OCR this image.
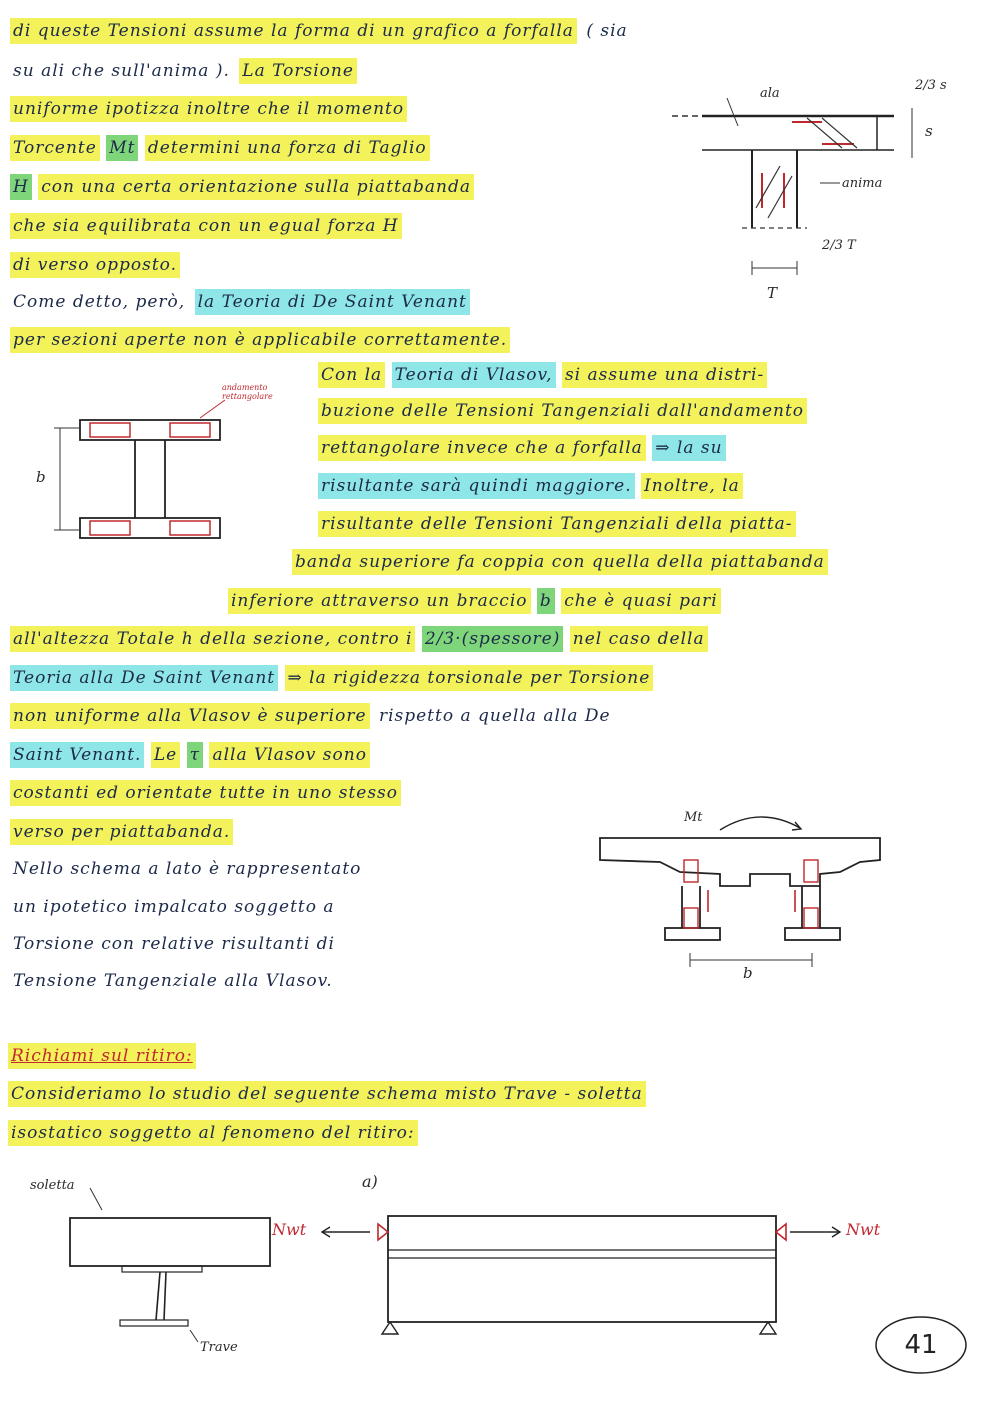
di queste Tensioni assume la forma di un grafico a forfalla ( sia
su ali che sull'anima ). La Torsione
uniforme ipotizza inoltre che il momento
Torcente Mt determini una forza di Taglio
H con una certa orientazione sulla piattabanda
che sia equilibrata con un egual forza H
di verso opposto.
Come detto, però, la Teoria di De Saint Venant
per sezioni aperte non è applicabile correttamente.
Con la Teoria di Vlasov, si assume una distri-
buzione delle Tensioni Tangenziali dall'andamento
rettangolare invece che a forfalla ⇒ la su
risultante sarà quindi maggiore. Inoltre, la
risultante delle Tensioni Tangenziali della piatta-
banda superiore fa coppia con quella della piattabanda
inferiore attraverso un braccio b che è quasi pari
all'altezza Totale h della sezione, contro i 2/3·(spessore) nel caso della
Teoria alla De Saint Venant ⇒ la rigidezza torsionale per Torsione
non uniforme alla Vlasov è superiore rispetto a quella alla De
Saint Venant. Le τ alla Vlasov sono
costanti ed orientate tutte in uno stesso
verso per piattabanda.
Nello schema a lato è rappresentato
un ipotetico impalcato soggetto a
Torsione con relative risultanti di
Tensione Tangenziale alla Vlasov.
Richiami sul ritiro:
Consideriamo lo studio del seguente schema misto Trave - soletta
isostatico soggetto al fenomeno del ritiro:
ala
anima
2/3 s
s
2/3 T
T
andamento rettangolare
b
Mt
b
soletta
Trave
a)
Nwt	Nwt
41
